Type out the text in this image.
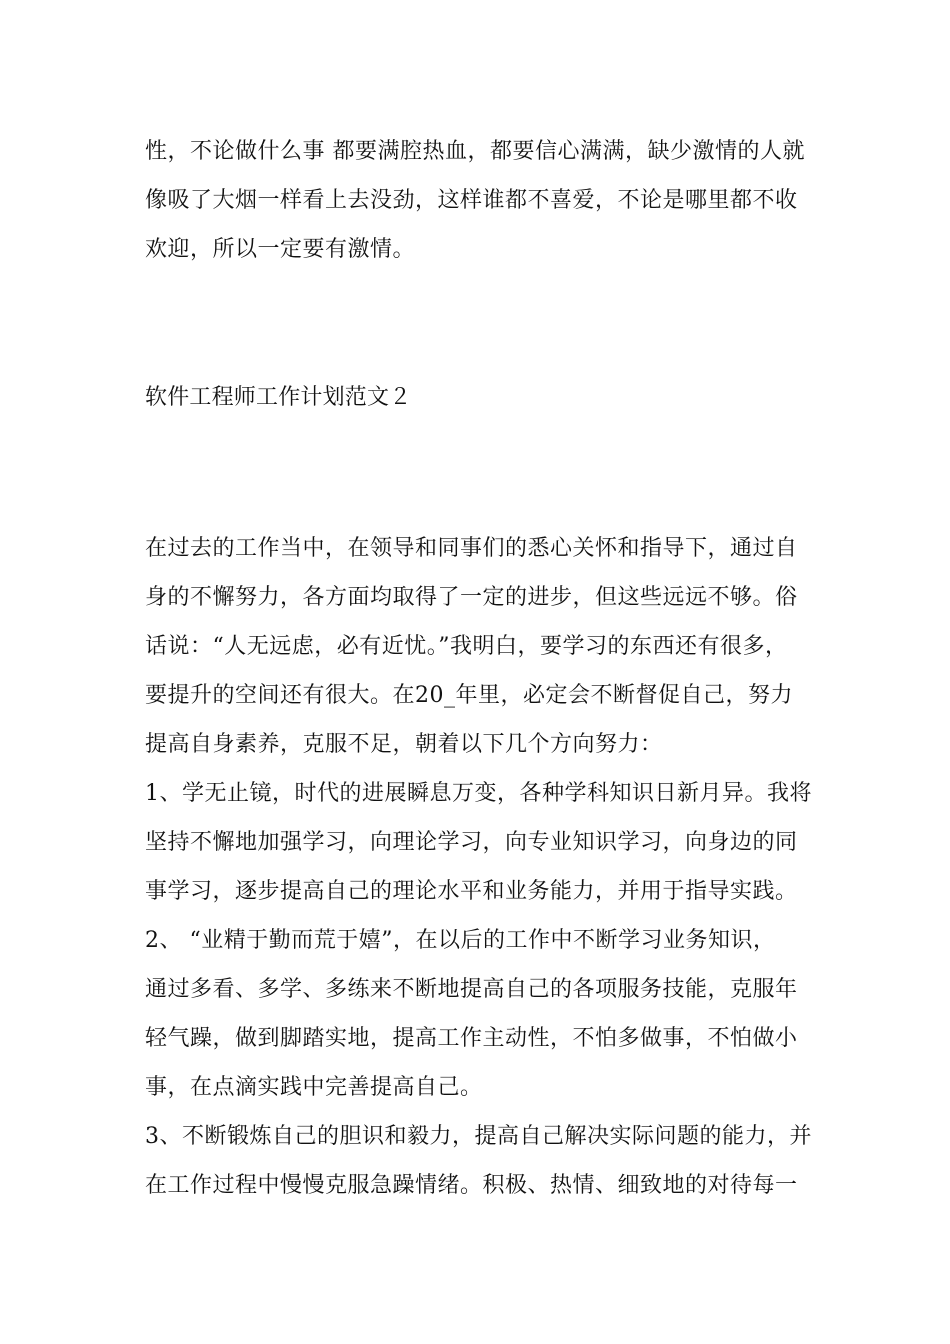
性，不论做什么事 都要满腔热血，都要信心满满，缺少激情的人就
像吸了大烟一样看上去没劲，这样谁都不喜爱，不论是哪里都不收
欢迎，所以一定要有激情。
软件工程师工作计划范文２
在过去的工作当中，在领导和同事们的悉心关怀和指导下，通过自
身的不懈努力，各方面均取得了一定的进步，但这些远远不够。俗
话说：“人无远虑，必有近忧。”我明白，要学习的东西还有很多，
要提升的空间还有很大。在20_年里，必定会不断督促自己，努力
提高自身素养，克服不足，朝着以下几个方向努力：
1、学无止镜，时代的进展瞬息万变，各种学科知识日新月异。我将
坚持不懈地加强学习，向理论学习，向专业知识学习，向身边的同
事学习，逐步提高自己的理论水平和业务能力，并用于指导实践。
2、 “业精于勤而荒于嬉”，在以后的工作中不断学习业务知识，
通过多看、多学、多练来不断地提高自己的各项服务技能，克服年
轻气躁，做到脚踏实地，提高工作主动性，不怕多做事，不怕做小
事，在点滴实践中完善提高自己。
3、不断锻炼自己的胆识和毅力，提高自己解决实际问题的能力，并
在工作过程中慢慢克服急躁情绪。积极、热情、细致地的对待每一
